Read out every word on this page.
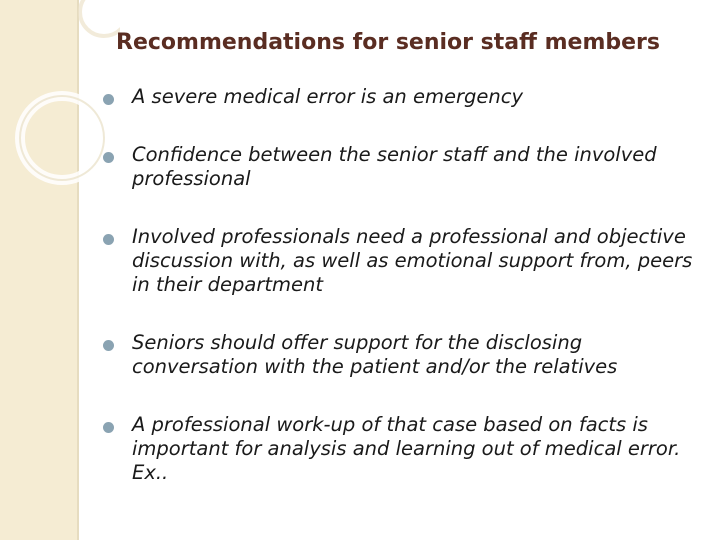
Recommendations for senior staff members
A severe medical error is an emergency
Confidence between the senior staff and the involved professional
Involved professionals need a professional and objective discussion with, as well as emotional support from, peers in their department
Seniors should offer support for the disclosing conversation with the patient and/or the relatives
A professional work-up of that case based on facts is important for analysis and learning out of medical error. Ex..
